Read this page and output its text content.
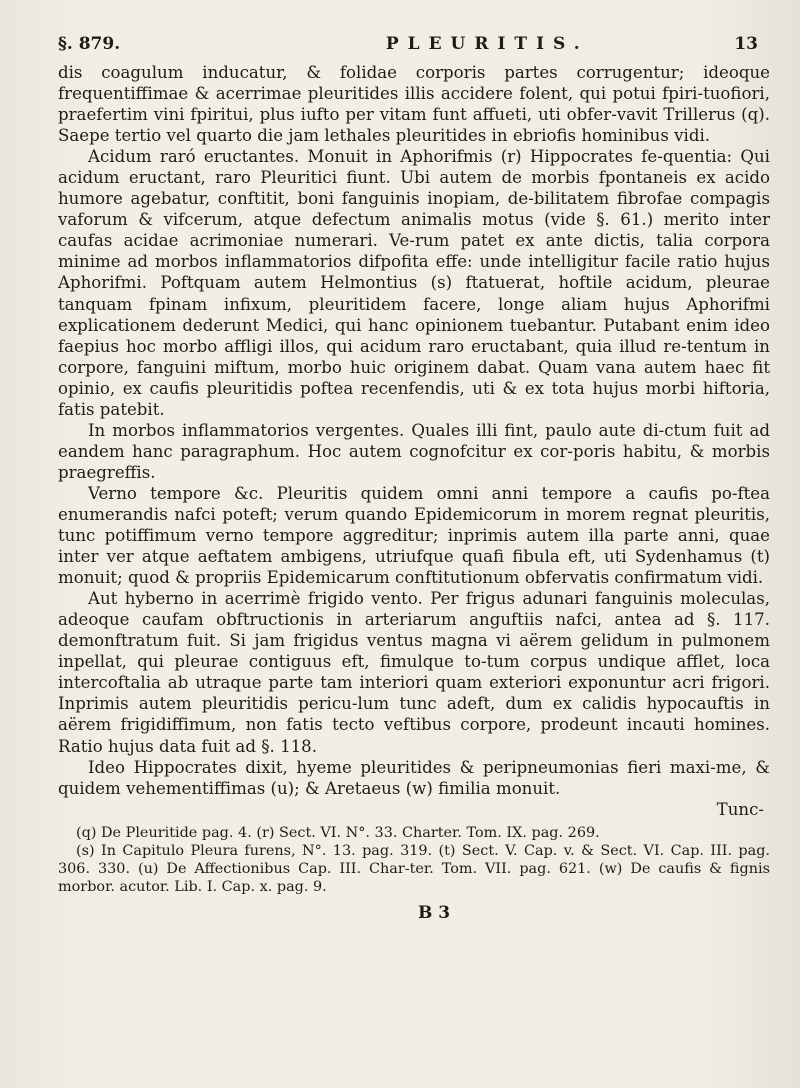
§. 879.	PLEURITIS.	13

dis coagulum inducatur, & folidae corporis partes corrugentur; ideoque frequentiffimae & acerrimae pleuritides illis accidere folent, qui potui fpiri-tuofiori, praefertim vini fpiritui, plus iufto per vitam funt affueti, uti obfer-vavit Trillerus (q). Saepe tertio vel quarto die jam lethales pleuritides in ebriofis hominibus vidi.

Acidum raró eructantes. Monuit in Aphorifmis (r) Hippocrates fe-quentia: Qui acidum eructant, raro Pleuritici fiunt. Ubi autem de morbis fpontaneis ex acido humore agebatur, conftitit, boni fanguinis inopiam, de-bilitatem fibrofae compagis vaforum & vifcerum, atque defectum animalis motus (vide §. 61.) merito inter caufas acidae acrimoniae numerari. Ve-rum patet ex ante dictis, talia corpora minime ad morbos inflammatorios difpofita effe: unde intelligitur facile ratio hujus Aphorifmi. Poftquam autem Helmontius (s) ftatuerat, hoftile acidum, pleurae tanquam fpinam infixum, pleuritidem facere, longe aliam hujus Aphorifmi explicationem dederunt Medici, qui hanc opinionem tuebantur. Putabant enim ideo faepius hoc morbo affligi illos, qui acidum raro eructabant, quia illud re-tentum in corpore, fanguini miftum, morbo huic originem dabat. Quam vana autem haec fit opinio, ex caufis pleuritidis poftea recenfendis, uti & ex tota hujus morbi hiftoria, fatis patebit.

In morbos inflammatorios vergentes. Quales illi fint, paulo aute di-ctum fuit ad eandem hanc paragraphum. Hoc autem cognofcitur ex cor-poris habitu, & morbis praegreffis.

Verno tempore &c. Pleuritis quidem omni anni tempore a caufis po-ftea enumerandis nafci poteft; verum quando Epidemicorum in morem regnat pleuritis, tunc potiffimum verno tempore aggreditur; inprimis autem illa parte anni, quae inter ver atque aeftatem ambigens, utriufque quafi fibula eft, uti Sydenhamus (t) monuit; quod & propriis Epidemicarum conftitutionum obfervatis confirmatum vidi.

Aut hyberno in acerrimè frigido vento. Per frigus adunari fanguinis moleculas, adeoque caufam obftructionis in arteriarum anguftiis nafci, antea ad §. 117. demonftratum fuit. Si jam frigidus ventus magna vi aërem gelidum in pulmonem inpellat, qui pleurae contiguus eft, fimulque to-tum corpus undique afflet, loca intercoftalia ab utraque parte tam interiori quam exteriori exponuntur acri frigori. Inprimis autem pleuritidis pericu-lum tunc adeft, dum ex calidis hypocauftis in aërem frigidiffimum, non fatis tecto veftibus corpore, prodeunt incauti homines. Ratio hujus data fuit ad §. 118.

Ideo Hippocrates dixit, hyeme pleuritides & peripneumonias fieri maxi-me, & quidem vehementiffimas (u); & Aretaeus (w) fimilia monuit.

Tunc-

(q) De Pleuritide pag. 4. (r) Sect. VI. N°. 33. Charter. Tom. IX. pag. 269.

(s) In Capitulo Pleura furens, N°. 13. pag. 319. (t) Sect. V. Cap. v. & Sect. VI. Cap. III. pag. 306. 330. (u) De Affectionibus Cap. III. Char-ter. Tom. VII. pag. 621. (w) De caufis & fignis morbor. acutor. Lib. I. Cap. x. pag. 9.

B 3
